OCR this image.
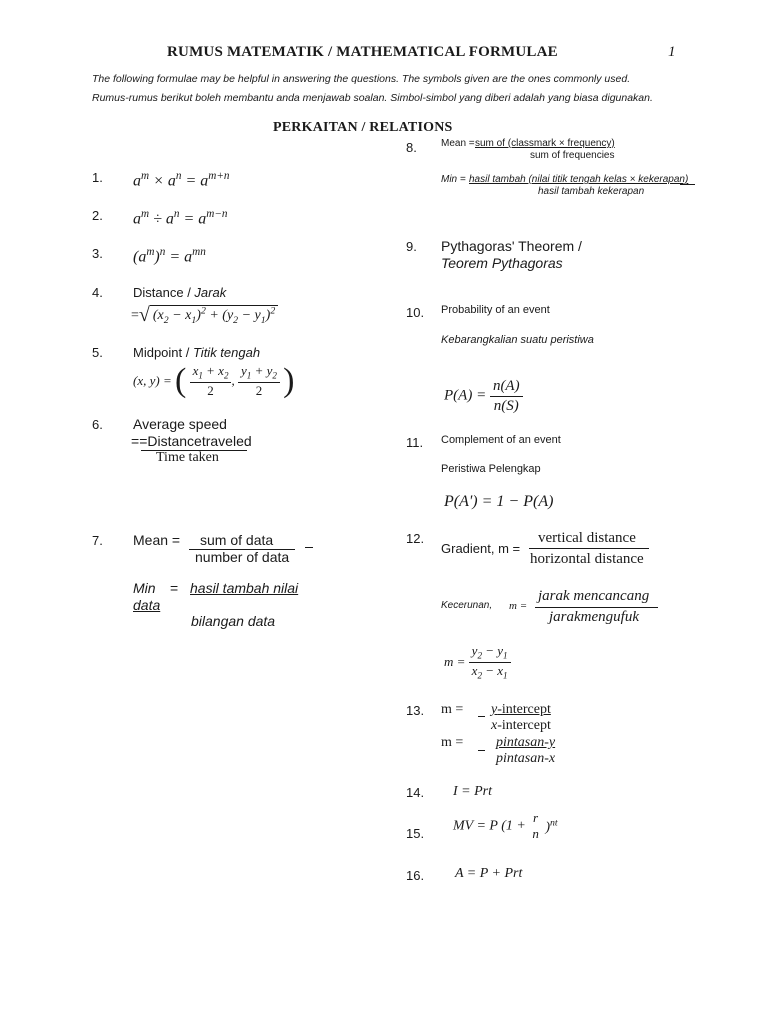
RUMUS MATEMATIK / MATHEMATICAL FORMULAE	1
The following formulae may be helpful in answering the questions. The symbols given are the ones commonly used.
Rumus-rumus berikut boleh membantu anda menjawab soalan. Simbol-simbol yang diberi adalah yang biasa digunakan.
PERKAITAN / RELATIONS
1. $a^m \times a^n = a^{m+n}$
2. $a^m \div a^n = a^{m-n}$
3. $(a^m)^n = a^{mn}$
4. Distance / Jarak
=√ $(x_2 - x_1)^2 + (y_2 - y_1)^2$
5. Midpoint / Titik tengah
(x, y) = ( $\frac{x_1 + x_2}{2}$ , $\frac{y_1 + y_2}{2}$ )
6. Average speed
==Distancetraveled
Time taken
7. Mean = sum of data
number of data
Min = hasil tambah nilai
data
bilangan data
8. Mean = sum of (classmark × frequency)
sum of frequencies
Min = hasil tambah (nilai titik tengah kelas × kekerapan)
hasil tambah kekerapan
9. Pythagoras' Theorem /
Teorem Pythagoras
10. Probability of an event
Kebarangkalian suatu peristiwa
$P(A) = \frac{n(A)}{n(S)}$
11. Complement of an event
Peristiwa Pelengkap
P(A') = 1 − P(A)
12.
Gradient, m =
vertical distance
horizontal distance
Kecerunan, m =
jarak mencancang
jarakmengufuk
$m = \frac{y_2 - y_1}{x_2 - x_1}$
13. m = y-intercept
x-intercept
m = pintasan-y
pintasan-x
14. I = Prt
15.
MV = P (1 +
r
n )$^{nt}$
16. A = P + Prt
